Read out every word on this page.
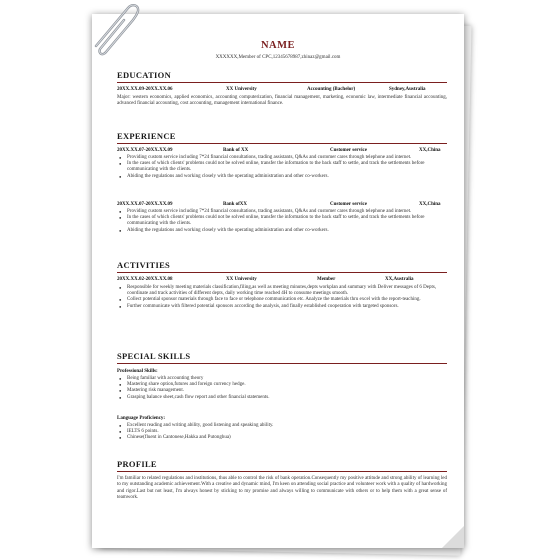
NAME
XXXXXX,Member of CPC,12345678987,zhinaz@gmail.com
EDUCATION
20XX.XX.09-20XX.XX.06	XX University	Accounting (Bachelor)	Sydney,Australia
Major: western economics, applied economics, accounting computerization, financial management, marketing, economic law, intermediate financial accounting, advanced financial accounting, cost accounting, management international finance.
EXPERIENCE
20XX.XX.07-20XX.XX.09	Bank of XX	Customer service	XX,China
● Providing custom service including 7*24 financial consultations, trading assistants, Q&As and customer cares through telephone and internet.
● In the cases of which clients' problems could not be solved online, transfer the information to the back staff to settle, and track the settlements before communicating with the clients.
● Abiding the regulations and working closely with the operating administration and other co-workers.
20XX.XX.07-20XX.XX.09	Bank ofXX	Customer service	XX,China
● Providing custom service including 7*24 financial consultations, trading assistants, Q&As and customer cares through telephone and internet.
● In the cases of which clients' problems could not be solved online, transfer the information to the back staff to settle, and track the settlements before communicating with the clients.
● Abiding the regulations and working closely with the operating administration and other co-workers.
ACTIVITIES
20XX.XX.02-20XX.XX.08	XX University	Member	XX,Australia
● Responsible for weekly meeting materials classification,filing,as well as meeting minutes,depts workplan and summary with Deliver messages of 6 Depts, coordinate and track activities of different depts, daily working time reached 4H to consume meetings smooth.
● Collect potential sponsor materials through face to face or telephone communication etc. Analyze the materials thru excel with the report-teaching.
● Further communicate with filtered potential sponsors according the analysis, and finally established cooperation with targeted sponsors.
SPECIAL SKILLS
Professional Skills:
● Being familiar with accounting theory
● Mastering share option,futures and foreign currency hedge.
● Mastering risk management.
● Grasping balance sheet,cash flow report and other financial statements.
Language Proficiency:
● Excellent reading and writing ability, good listening and speaking ability.
● IELTS 6 points.
● Chinese(fluent in Cantonese,Hakka and Putonghua)
PROFILE
I'm familiar to related regulations and institutions, thus able to control the risk of bank operation.Consequently my positive attitude and strong ability of learning led to my outstanding academic achievement.With a creative and dynamic mind, I'm keen on attending social practice and volunteer work with a quality of hardworking and rigor.Last but not least, I'm always honest by sticking to my promise and always willing to communicate with others or to help them with a great sense of teamwork.
